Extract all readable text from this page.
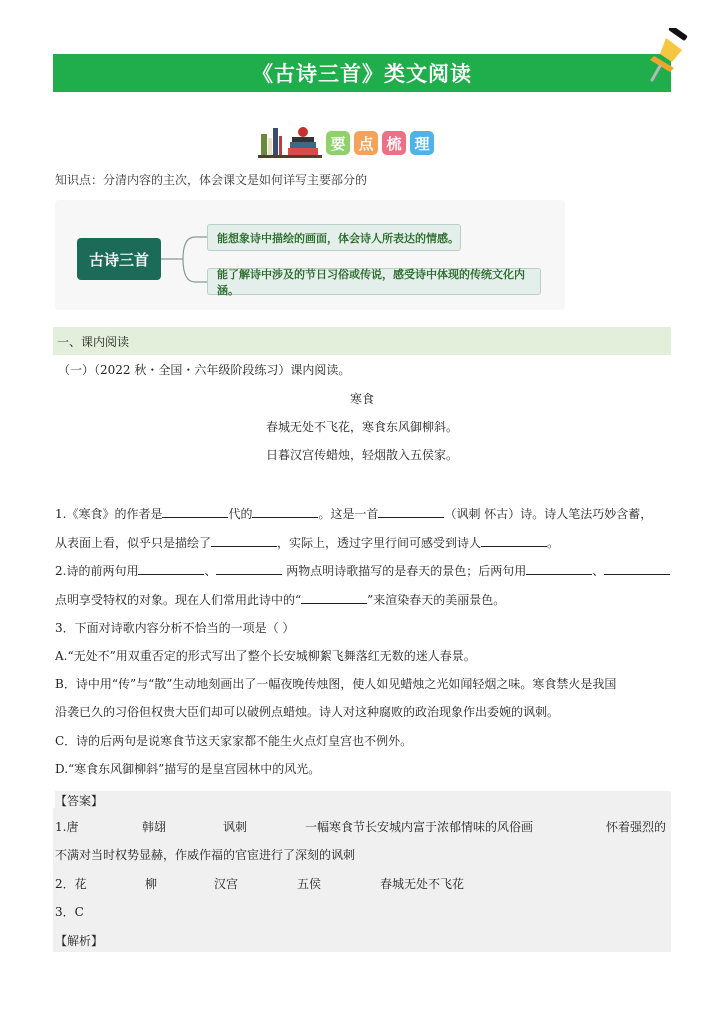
《古诗三首》类文阅读
要 点 梳 理
知识点：分清内容的主次，体会课文是如何详写主要部分的
古诗三首
能想象诗中描绘的画面，体会诗人所表达的情感。
能了解诗中涉及的节日习俗或传说，感受诗中体现的传统文化内涵。
一、课内阅读
（一）（2022 秋・全国・六年级阶段练习）课内阅读。
寒食
春城无处不飞花，寒食东风御柳斜。
日暮汉宫传蜡烛，轻烟散入五侯家。
1.《寒食》的作者是	代的	。这是一首	（讽刺 怀古）诗。诗人笔法巧妙含蓄，
从表面上看，似乎只是描绘了	，实际上，透过字里行间可感受到诗人	。
2.诗的前两句用	、	两物点明诗歌描写的是春天的景色；后两句用	、
点明享受特权的对象。现在人们常用此诗中的“	”来渲染春天的美丽景色。
3．下面对诗歌内容分析不恰当的一项是（ ）
A.“无处不”用双重否定的形式写出了整个长安城柳絮飞舞落红无数的迷人春景。
B．诗中用“传”与“散”生动地刻画出了一幅夜晚传烛图，使人如见蜡烛之光如闻轻烟之味。寒食禁火是我国
沿袭已久的习俗但权贵大臣们却可以破例点蜡烛。诗人对这种腐败的政治现象作出委婉的讽刺。
C．诗的后两句是说寒食节这天家家都不能生火点灯皇宫也不例外。
D.“寒食东风御柳斜”描写的是皇宫园林中的风光。
【答案】
1.唐	韩翃	讽刺	一幅寒食节长安城内富于浓郁情味的风俗画	怀着强烈的
不满对当时权势显赫，作威作福的官宦进行了深刻的讽刺
2．花	柳	汉宫	五侯	春城无处不飞花
3．C
【解析】
